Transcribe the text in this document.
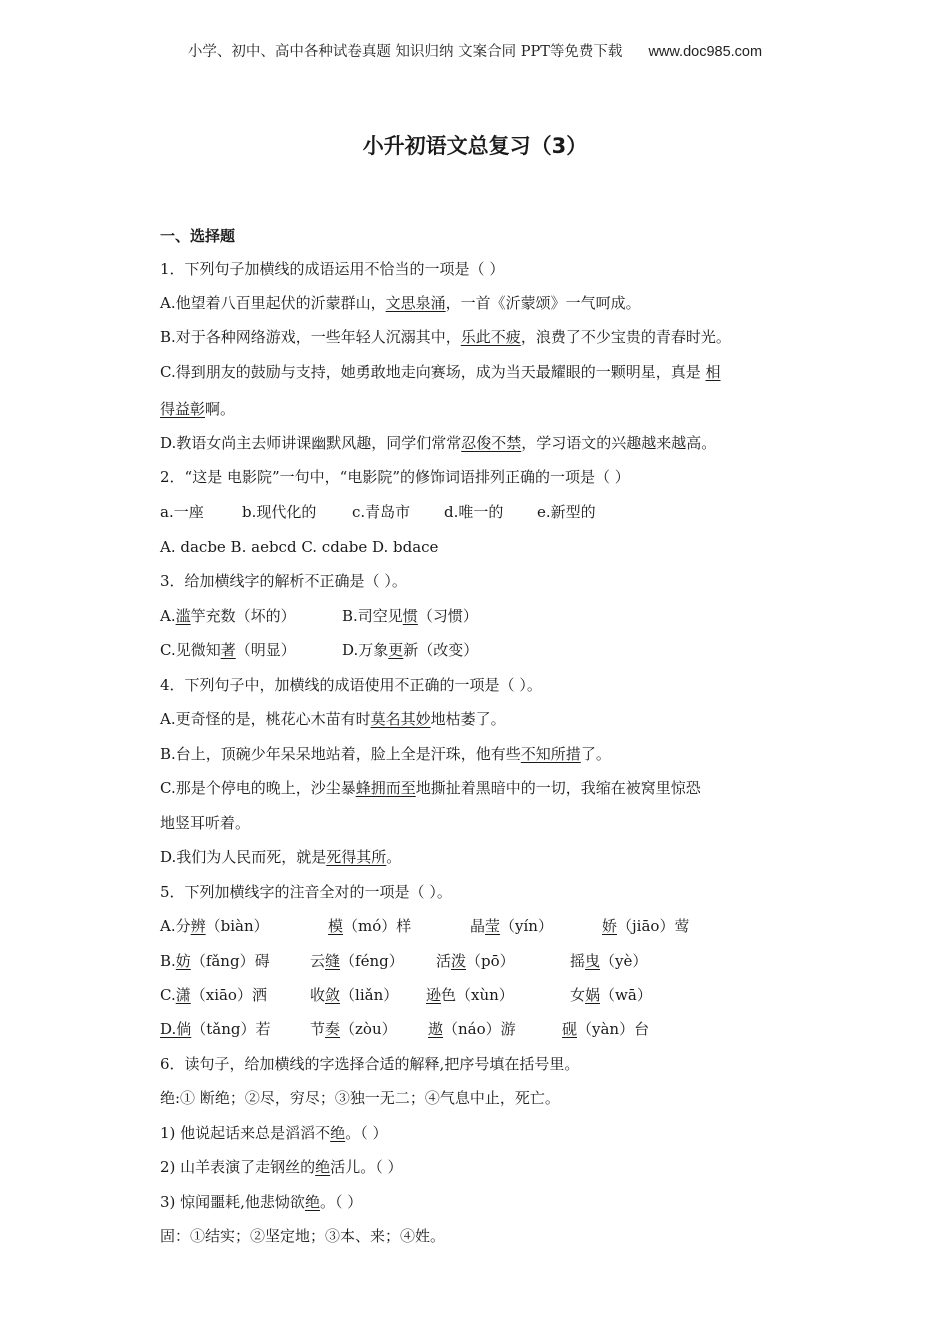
小学、初中、高中各种试卷真题 知识归纳 文案合同 PPT等免费下载 www.doc985.com
小升初语文总复习（3）
一、选择题
1．下列句子加横线的成语运用不恰当的一项是（ ）
A.他望着八百里起伏的沂蒙群山，文思泉涌，一首《沂蒙颂》一气呵成。
B.对于各种网络游戏，一些年轻人沉溺其中，乐此不疲，浪费了不少宝贵的青春时光。
C.得到朋友的鼓励与支持，她勇敢地走向赛场，成为当天最耀眼的一颗明星，真是 相
得益彰啊。
D.教语女尚主去师讲课幽默风趣，同学们常常忍俊不禁，学习语文的兴趣越来越高。
2．“这是 电影院”一句中，“电影院”的修饰词语排列正确的一项是（ ）
a.一座	b.现代化的 c.青岛市 d.唯一的 e.新型的
A. dacbe B. aebcd C. cdabe D. bdace
3．给加横线字的解析不正确是（ ）。
A.滥竽充数（坏的）	B.司空见惯（习惯）
C.见微知著（明显）	D.万象更新（改变）
4．下列句子中，加横线的成语使用不正确的一项是（ ）。
A.更奇怪的是，桃花心木苗有时莫名其妙地枯萎了。
B.台上，顶碗少年呆呆地站着，脸上全是汗珠，他有些不知所措了。
C.那是个停电的晚上，沙尘暴蜂拥而至地撕扯着黑暗中的一切，我缩在被窝里惊恐
地竖耳听着。
D.我们为人民而死，就是死得其所。
5．下列加横线字的注音全对的一项是（ ）。
A.分辨（biàn）	模（mó）样	晶莹（yín）	娇（jiāo）莺
B.妨（fǎng）碍	云缝（féng） 活泼（pō）	摇曳（yè）
C.潇（xiāo）洒	收敛（liǎn） 逊色（xùn）	女娲（wā）
D.倘（tǎng）若	节奏（zòu） 遨（náo）游	砚（yàn）台
6．读句子，给加横线的字选择合适的解释,把序号填在括号里。
绝:① 断绝；②尽，穷尽；③独一无二；④气息中止，死亡。
1) 他说起话来总是滔滔不绝。（ ）
2) 山羊表演了走钢丝的绝活儿。（ ）
3) 惊闻噩耗,他悲恸欲绝。（ ）
固：①结实；②坚定地；③本、来；④姓。
